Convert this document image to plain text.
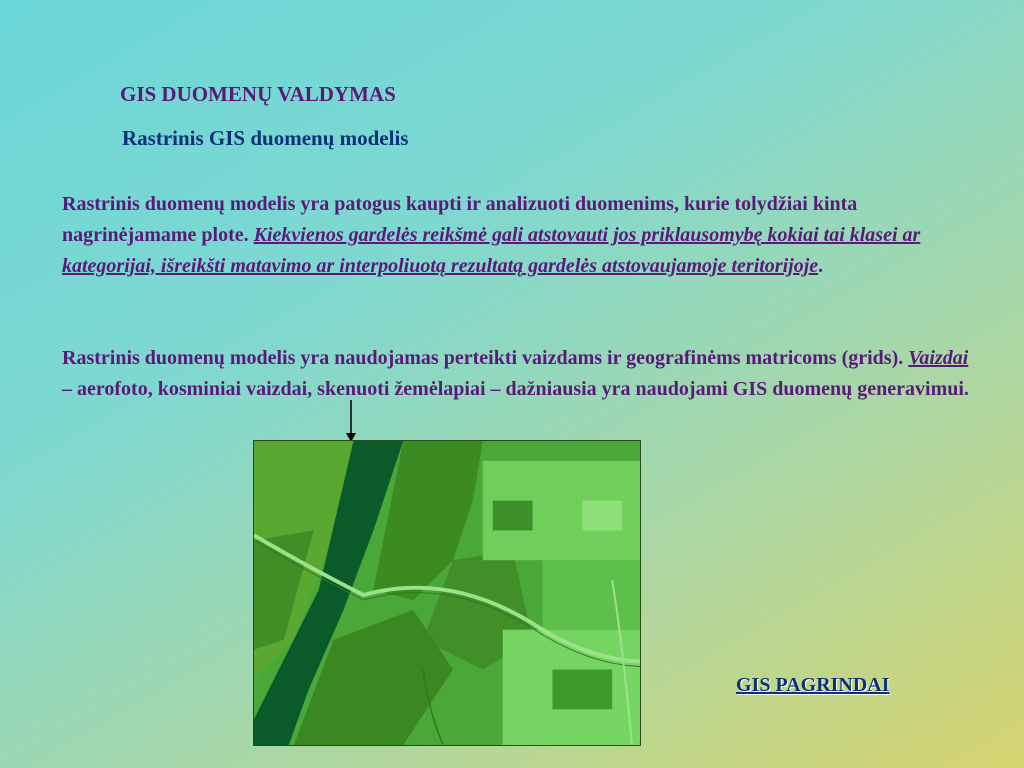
GIS DUOMENŲ VALDYMAS
Rastrinis GIS duomenų modelis

Rastrinis duomenų modelis yra patogus kaupti ir analizuoti duomenims, kurie tolydžiai kinta nagrinėjamame plote. Kiekvienos gardelės reikšmė gali atstovauti jos priklausomybę kokiai tai klasei ar kategorijai, išreikšti matavimo ar interpoliuotą rezultatą gardelės atstovaujamoje teritorijoje.

Rastrinis duomenų modelis yra naudojamas perteikti vaizdams ir geografinėms matricoms (grids). Vaizdai – aerofoto, kosminiai vaizdai, skenuoti žemėlapiai – dažniausia yra naudojami GIS duomenų generavimui.

GIS PAGRINDAI
